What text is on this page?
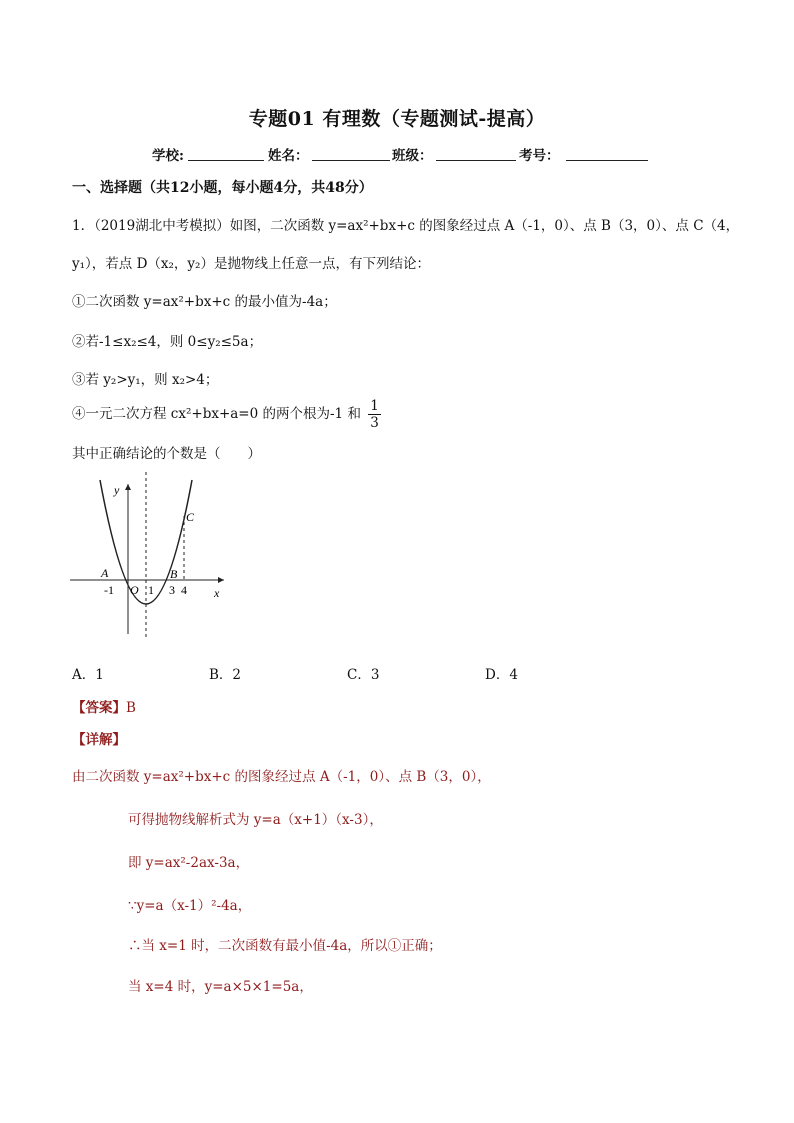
专题01 有理数（专题测试-提高）
学校:	姓名：	班级：	考号：
一、选择题（共12小题，每小题4分，共48分）
1．（2019湖北中考模拟）如图，二次函数 y=ax²+bx+c 的图象经过点 A（-1，0）、点 B（3，0）、点 C（4，
y₁），若点 D（x₂，y₂）是抛物线上任意一点，有下列结论：
①二次函数 y=ax²+bx+c 的最小值为-4a；
②若-1≤x₂≤4，则 0≤y₂≤5a；
③若 y₂>y₁，则 x₂>4；
④一元二次方程 cx²+bx+a=0 的两个根为-1 和 $\frac{1}{3}$
其中正确结论的个数是（　　）
y
x
O
A	B
C
-1	1 3 4
A．1	B．2	C．3	D．4
【答案】B
【详解】
由二次函数 y=ax²+bx+c 的图象经过点 A（-1，0）、点 B（3，0），
可得抛物线解析式为 y=a（x+1）（x-3），
即 y=ax²-2ax-3a，
∵y=a（x-1）²-4a，
∴当 x=1 时，二次函数有最小值-4a，所以①正确；
当 x=4 时，y=a×5×1=5a，
